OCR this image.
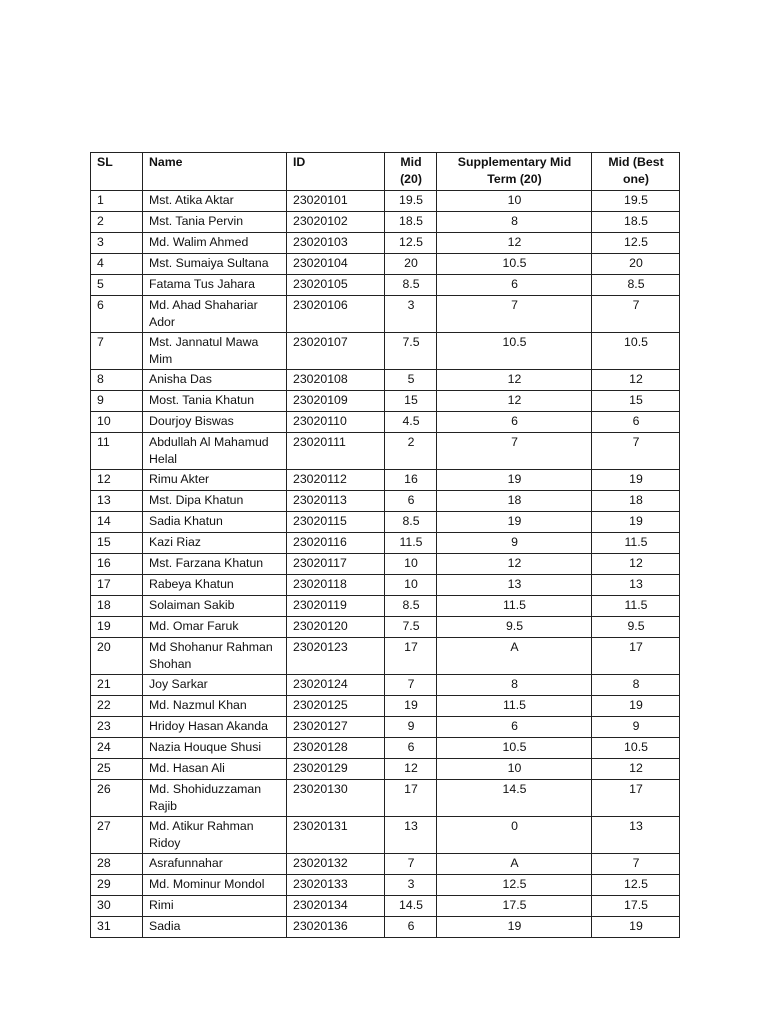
SL	Name	ID	Mid (20)	Supplementary Mid Term (20)	Mid (Best one)
1	Mst. Atika Aktar	23020101	19.5	10	19.5
2	Mst. Tania Pervin	23020102	18.5	8	18.5
3	Md. Walim Ahmed	23020103	12.5	12	12.5
4	Mst. Sumaiya Sultana	23020104	20	10.5	20
5	Fatama Tus Jahara	23020105	8.5	6	8.5
6	Md. Ahad Shahariar Ador	23020106	3	7	7
7	Mst. Jannatul Mawa Mim	23020107	7.5	10.5	10.5
8	Anisha Das	23020108	5	12	12
9	Most. Tania Khatun	23020109	15	12	15
10	Dourjoy Biswas	23020110	4.5	6	6
11	Abdullah Al Mahamud Helal	23020111	2	7	7
12	Rimu Akter	23020112	16	19	19
13	Mst. Dipa Khatun	23020113	6	18	18
14	Sadia Khatun	23020115	8.5	19	19
15	Kazi Riaz	23020116	11.5	9	11.5
16	Mst. Farzana Khatun	23020117	10	12	12
17	Rabeya Khatun	23020118	10	13	13
18	Solaiman Sakib	23020119	8.5	11.5	11.5
19	Md. Omar Faruk	23020120	7.5	9.5	9.5
20	Md Shohanur Rahman Shohan	23020123	17	A	17
21	Joy Sarkar	23020124	7	8	8
22	Md. Nazmul Khan	23020125	19	11.5	19
23	Hridoy Hasan Akanda	23020127	9	6	9
24	Nazia Houque Shusi	23020128	6	10.5	10.5
25	Md. Hasan Ali	23020129	12	10	12
26	Md. Shohiduzzaman Rajib	23020130	17	14.5	17
27	Md. Atikur Rahman Ridoy	23020131	13	0	13
28	Asrafunnahar	23020132	7	A	7
29	Md. Mominur Mondol	23020133	3	12.5	12.5
30	Rimi	23020134	14.5	17.5	17.5
31	Sadia	23020136	6	19	19
